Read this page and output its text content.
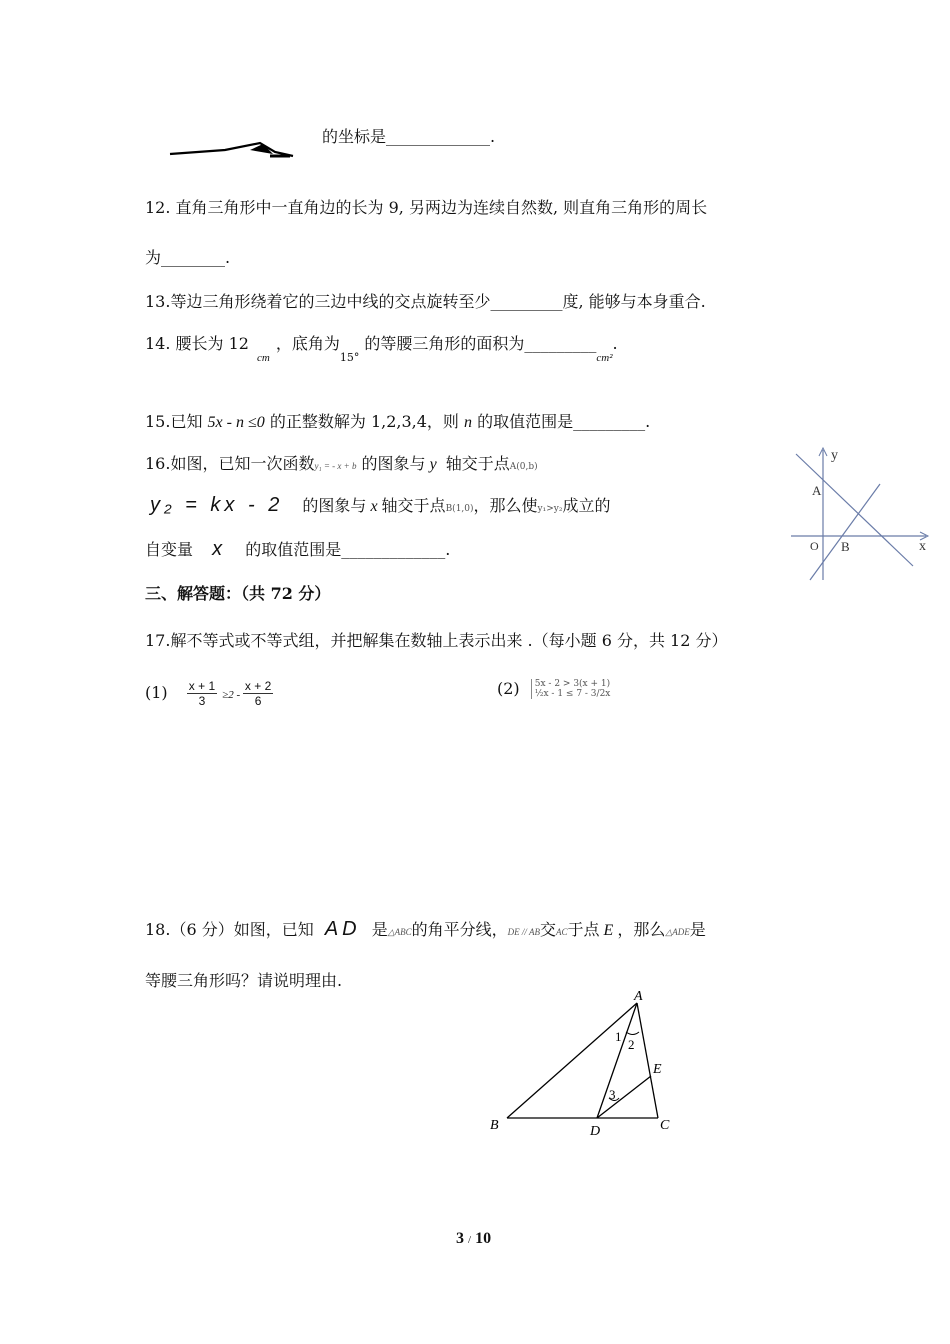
的坐标是_____________.
12. 直角三角形中一直角边的长为 9, 另两边为连续自然数, 则直角三角形的周长
为________.
13.等边三角形绕着它的三边中线的交点旋转至少_________度, 能够与本身重合.
14. 腰长为 $12_{cm}$，底角为$_{15^\circ}$ 的等腰三角形的面积为$\_\_\_\_\_\_\_\_\__{cm^2}$.
15.已知 5x - n ≤0 的正整数解为 1,2,3,4，则 n 的取值范围是_________.
16.如图，已知一次函数y₁ = - x + b 的图象与 y 轴交于点A(0,b)
y₂ = kx - 2 的图象与 x 轴交于点B(1,0)，那么使y₁>y₂成立的
自变量 x 的取值范围是_____________.
y
x
A
O B
三、解答题：（共 72 分）
17.解不等式或不等式组，并把解集在数轴上表示出来 .（每小题 6 分，共 12 分）
$(1) \frac{x + 1}{3} \ge 2 - \frac{x + 2}{6}$	(2) 5x - 2 > 3(x + 1)
½x - 1 ≤ 7 - 3/2x
18.（6 分）如图，已知 AD 是△ABC的角平分线，DE // AB交AC于点 E ，那么△ADE是
等腰三角形吗？请说明理由.
A
B	C
D
E
1
2
3
3 / 10
